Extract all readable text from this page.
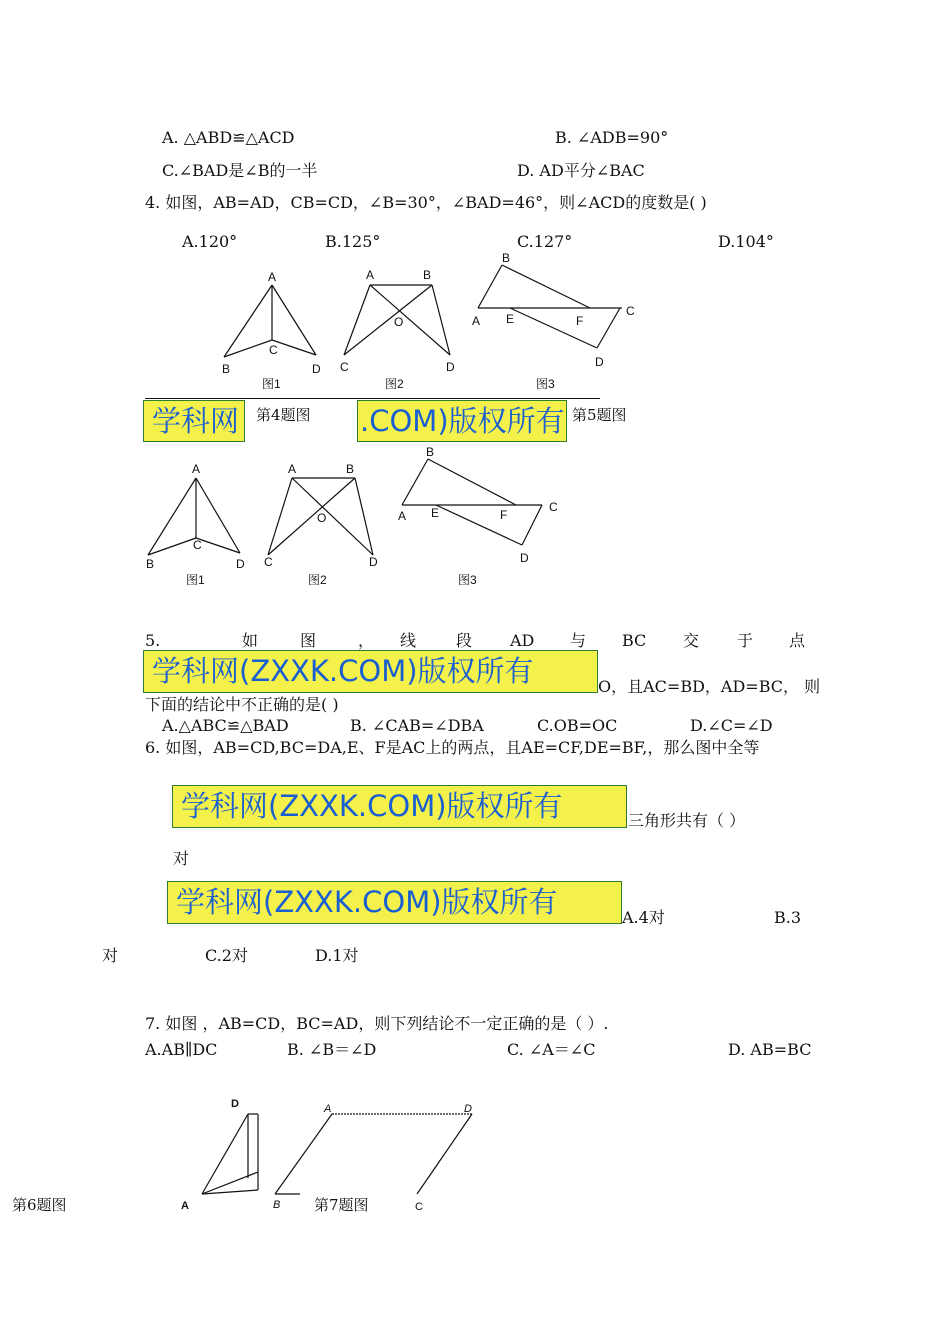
A. △ABD≌△ACD	B. ∠ADB=90°
C.∠BAD是∠B的一半	D. AD平分∠BAC
4. 如图，AB=AD，CB=CD，∠B=30°，∠BAD=46°，则∠ACD的度数是( )
A.120°	B.125°	C.127°	D.104°
A
C
B	D
图1
A	B
O
C	D
图2
B
A E	F
C
D
图3
学科网	.COM)版权所有
第4题图	第5题图
A
C
B	D
图1
A	B
O
C	D
图2
B
A E	F
C
D
图3
5.	如	图	， 线 段 AD 与 BC 交 于 点
学科网(ZXXK.COM)版权所有	O，且AC=BD，AD=BC， 则
下面的结论中不正确的是( )
A.△ABC≌△BAD	B. ∠CAB=∠DBA	C.OB=OC	D.∠C=∠D
6. 如图，AB=CD,BC=DA,E、F是AC上的两点，且AE=CF,DE=BF,，那么图中全等
学科网(ZXXK.COM)版权所有	三角形共有（ ）
对
学科网(ZXXK.COM)版权所有	A.4对	B.3
对	C.2对	D.1对
7. 如图 ，AB=CD，BC=AD，则下列结论不一定正确的是（ ）.
A.AB∥DC	B. ∠B＝∠D	C. ∠A＝∠C	D. AB=BC
D
A
A	D
B	C
第6题图	第7题图
